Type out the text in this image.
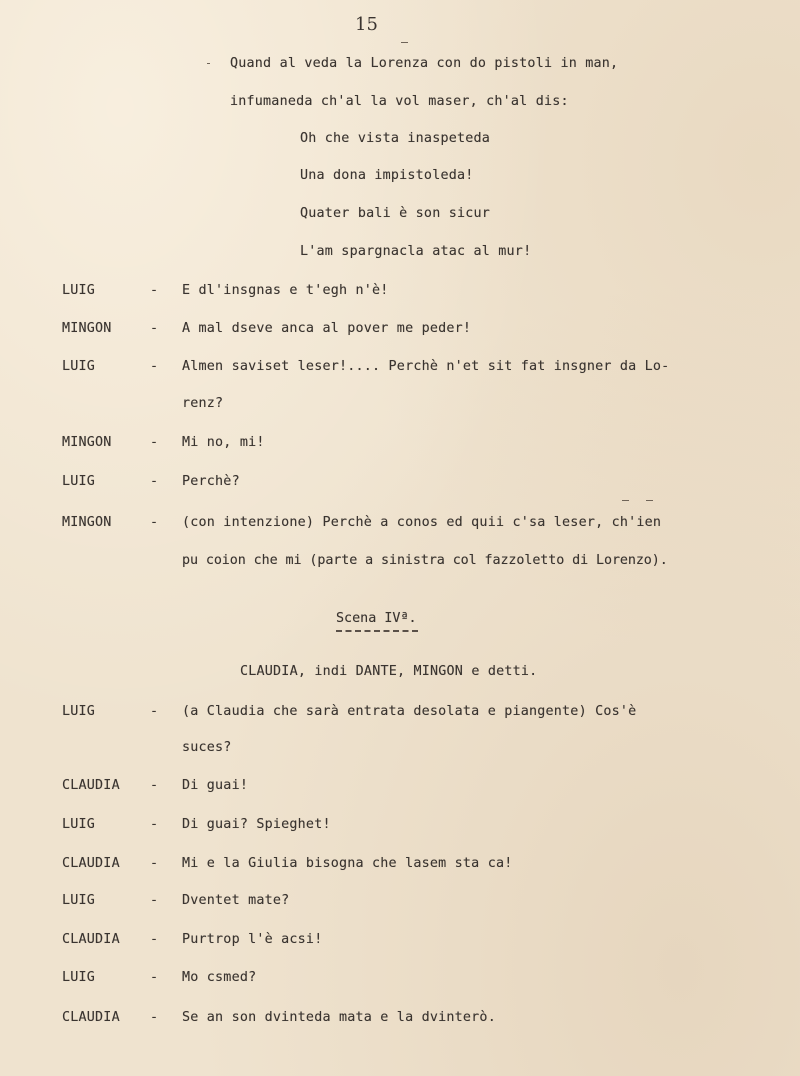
15
Quand al veda la Lorenza con do pistoli in man,
infumaneda ch'al la vol maser, ch'al dis:
Oh che vista inaspeteda
Una dona impistoleda!
Quater bali è son sicur
L'am spargnacla atac al mur!
LUIG	- E dl'insgnas e t'egh n'è!
MINGON	- A mal dseve anca al pover me peder!
LUIG	- Almen saviset leser!.... Perchè n'et sit fat insgner da Lo-
renz?
MINGON	- Mi no, mi!
LUIG	- Perchè?
MINGON	- (con intenzione) Perchè a conos ed quii c'sa leser, ch'ien
pu coion che mi (parte a sinistra col fazzoletto di Lorenzo).
Scena IVª.
CLAUDIA, indi DANTE, MINGON e detti.
LUIG	- (a Claudia che sarà entrata desolata e piangente) Cos'è
suces?
CLAUDIA - Di guai!
LUIG	- Di guai? Spieghet!
CLAUDIA - Mi e la Giulia bisogna che lasem sta ca!
LUIG	- Dventet mate?
CLAUDIA - Purtrop l'è acsi!
LUIG	- Mo csmed?
CLAUDIA - Se an son dvinteda mata e la dvinterò.
